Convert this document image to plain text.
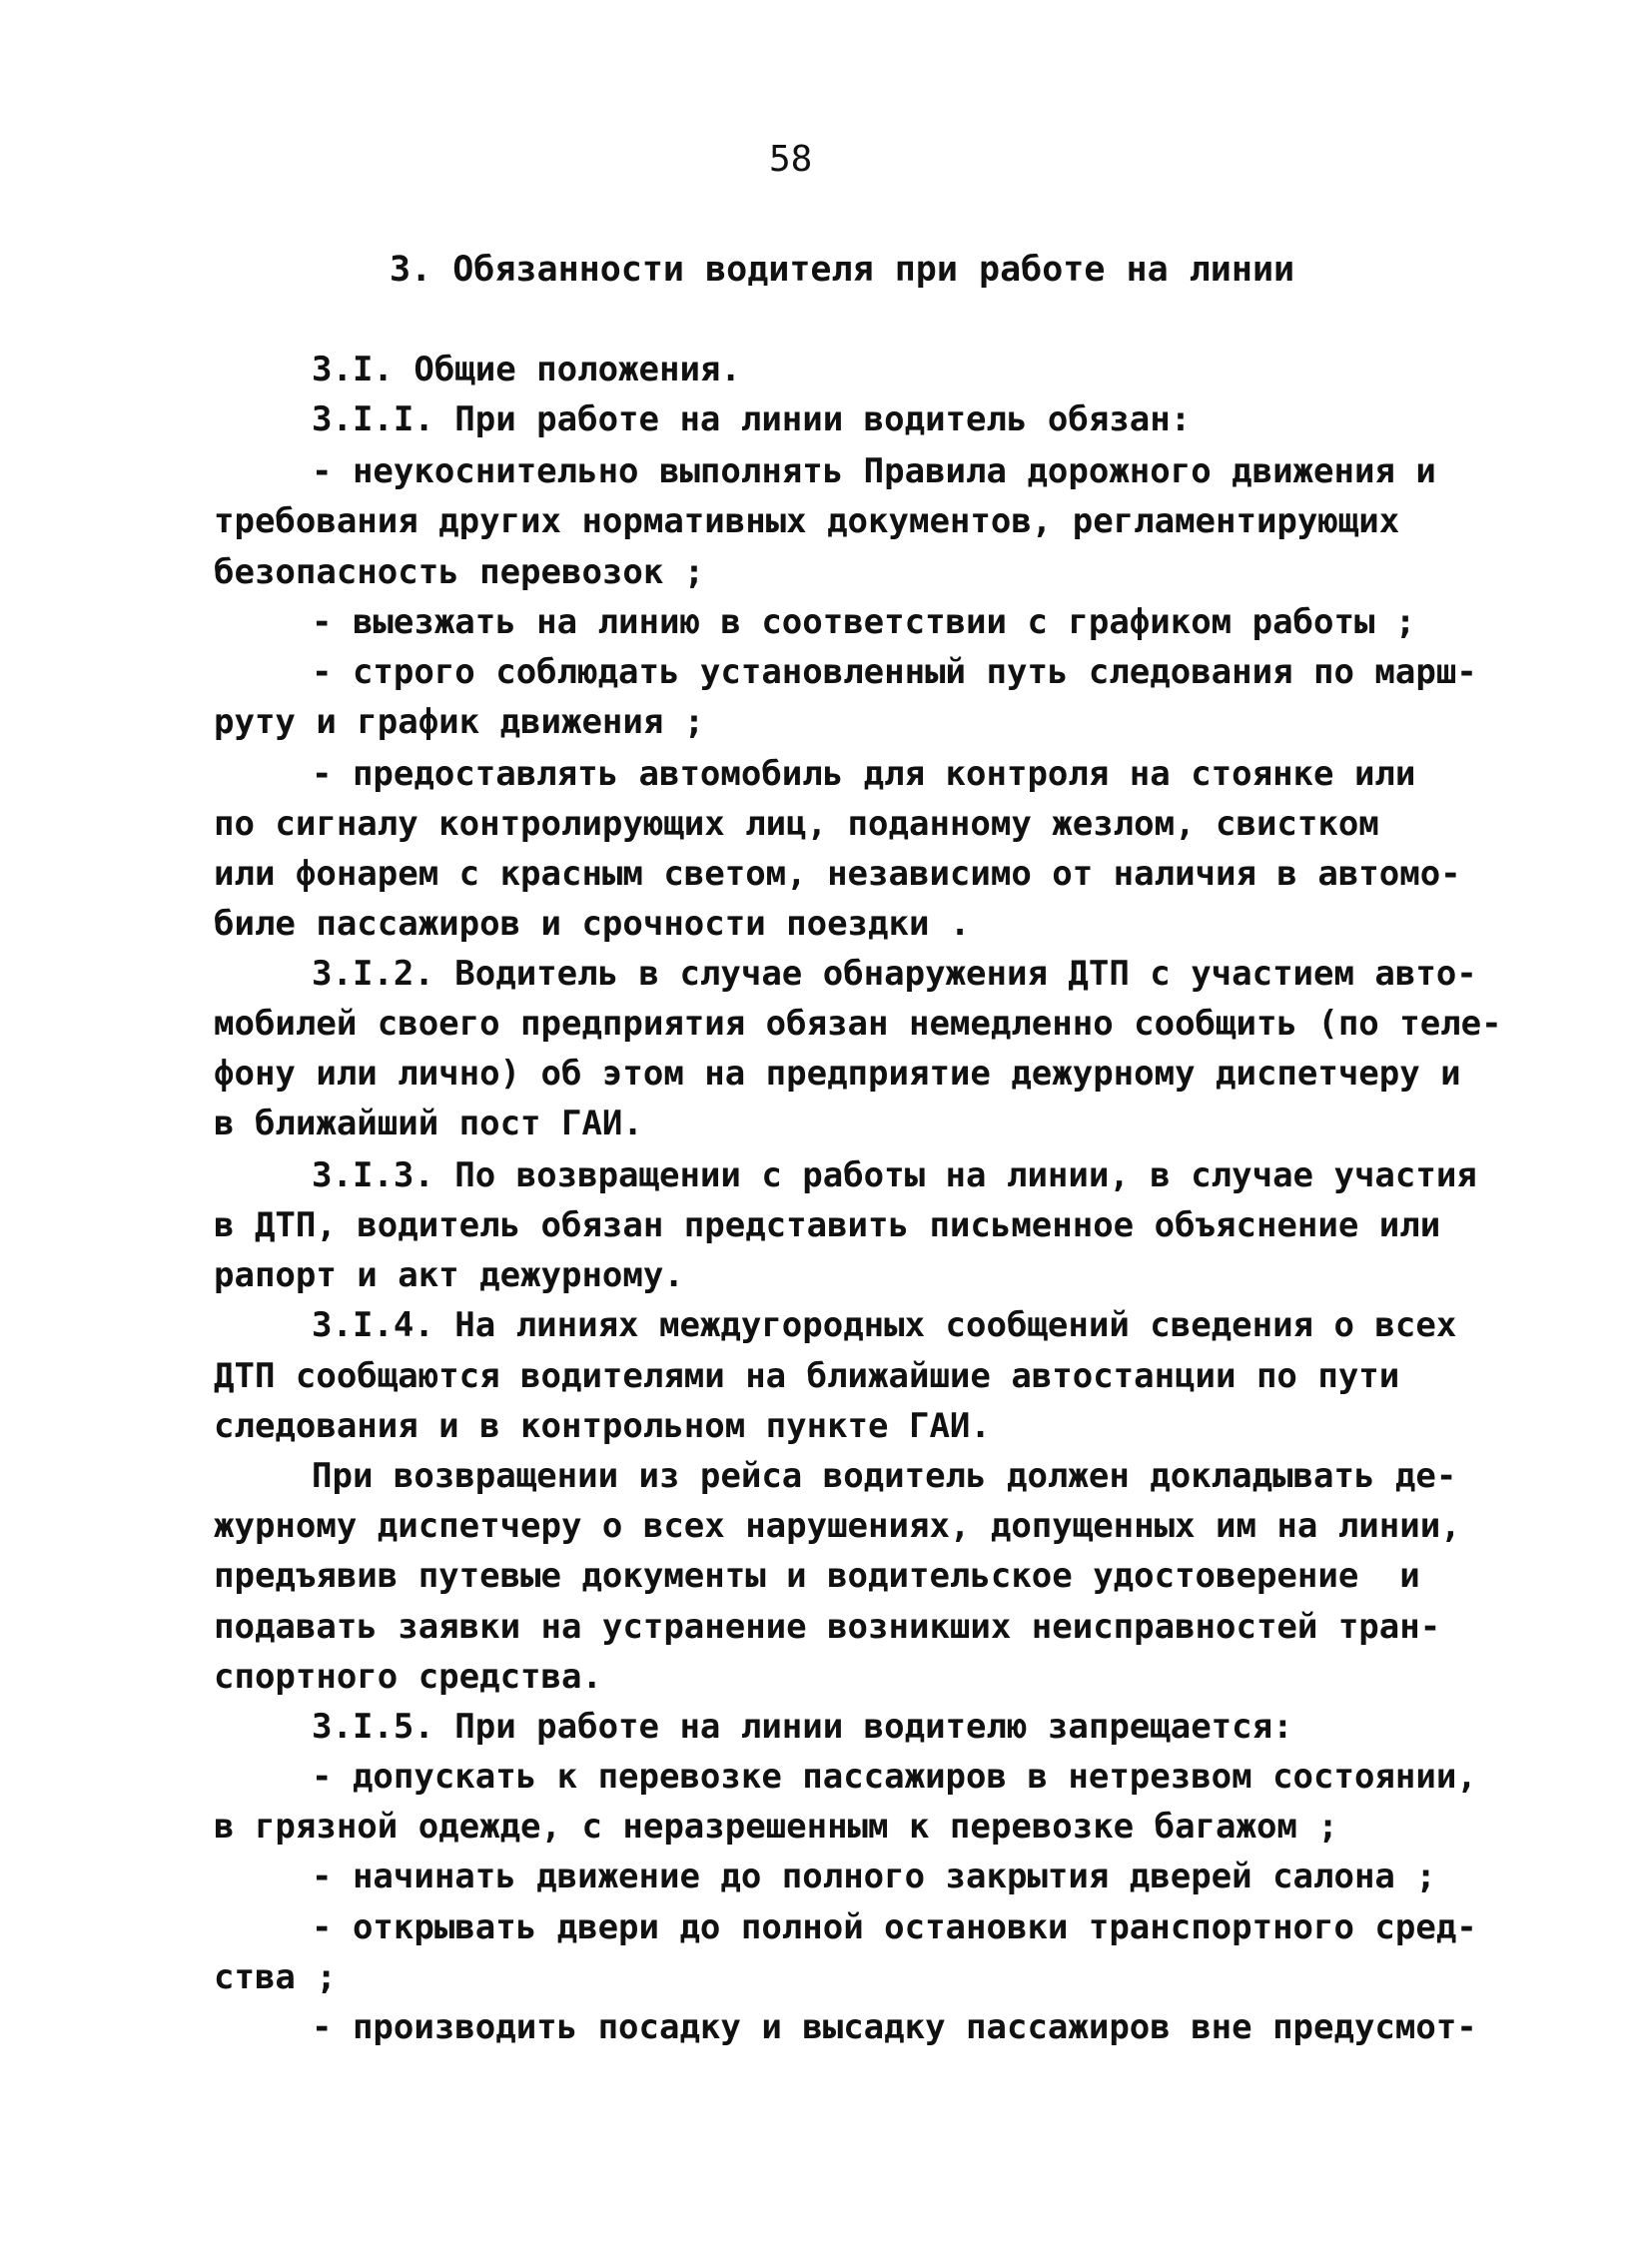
58
3. Обязанности водителя при работе на линии
3.I. Общие положения.
3.I.I. При работе на линии водитель обязан:
- неукоснительно выполнять Правила дорожного движения и
требования других нормативных документов, регламентирующих
безопасность перевозок ;
- выезжать на линию в соответствии с графиком работы ;
- строго соблюдать установленный путь следования по марш-
руту и график движения ;
- предоставлять автомобиль для контроля на стоянке или
по сигналу контролирующих лиц, поданному жезлом, свистком
или фонарем с красным светом, независимо от наличия в автомо-
биле пассажиров и срочности поездки .
3.I.2. Водитель в случае обнаружения ДТП с участием авто-
мобилей своего предприятия обязан немедленно сообщить (по теле-
фону или лично) об этом на предприятие дежурному диспетчеру и
в ближайший пост ГАИ.
3.I.3. По возвращении с работы на линии, в случае участия
в ДТП, водитель обязан представить письменное объяснение или
рапорт и акт дежурному.
3.I.4. На линиях междугородных сообщений сведения о всех
ДТП сообщаются водителями на ближайшие автостанции по пути
следования и в контрольном пункте ГАИ.
При возвращении из рейса водитель должен докладывать де-
журному диспетчеру о всех нарушениях, допущенных им на линии,
предъявив путевые документы и водительское удостоверение  и
подавать заявки на устранение возникших неисправностей тран-
спортного средства.
3.I.5. При работе на линии водителю запрещается:
- допускать к перевозке пассажиров в нетрезвом состоянии,
в грязной одежде, с неразрешенным к перевозке багажом ;
- начинать движение до полного закрытия дверей салона ;
- открывать двери до полной остановки транспортного сред-
ства ;
- производить посадку и высадку пассажиров вне предусмот-
